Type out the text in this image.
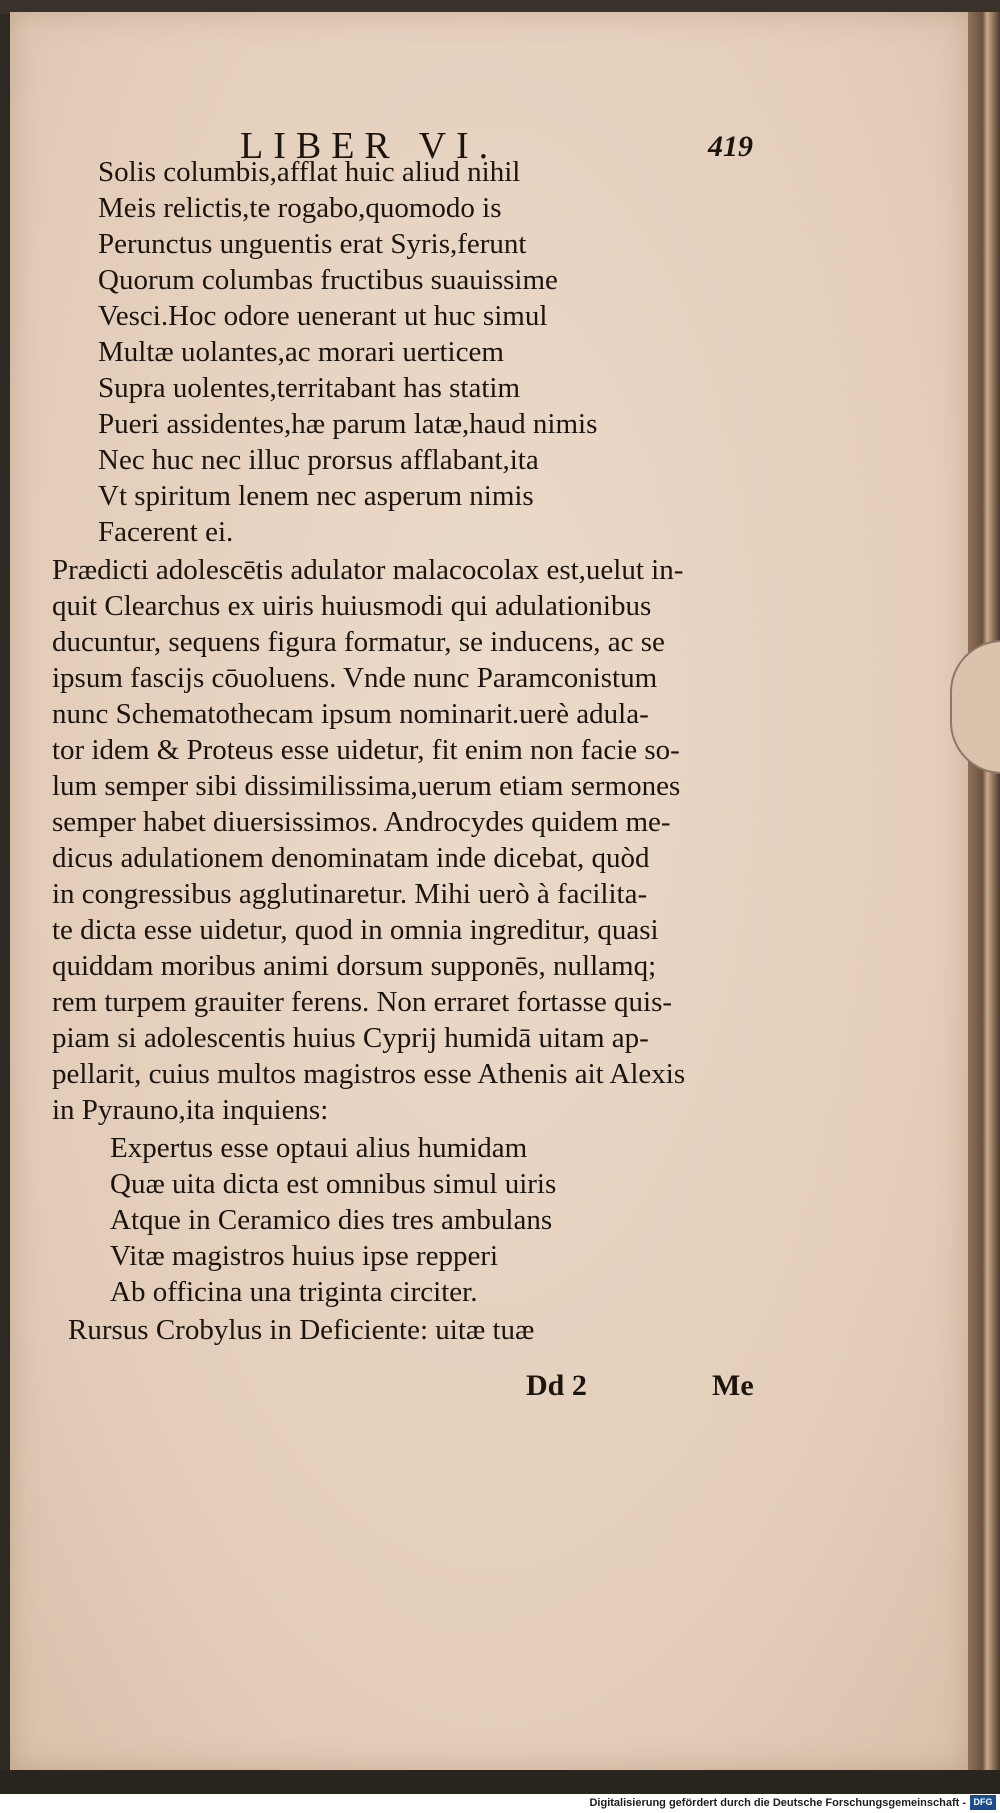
LIBER VI.	419
Solis columbis,afflat huic aliud nihil
Meis relictis,te rogabo,quomodo is
Perunctus unguentis erat Syris,ferunt
Quorum columbas fructibus suauissime
Vesci.Hoc odore uenerant ut huc simul
Multæ uolantes,ac morari uerticem
Supra uolentes,territabant has statim
Pueri assidentes,hæ parum latæ,haud nimis
Nec huc nec illuc prorsus afflabant,ita
Vt spiritum lenem nec asperum nimis
Facerent ei.
Prædicti adolescētis adulator malacocolax est,uelut in-
quit Clearchus ex uiris huiusmodi qui adulationibus
ducuntur, sequens figura formatur, se inducens, ac se
ipsum fascijs cōuoluens. Vnde nunc Paramconistum
nunc Schematothecam ipsum nominarit.uerè adula-
tor idem & Proteus esse uidetur, fit enim non facie so-
lum semper sibi dissimilissima,uerum etiam sermones
semper habet diuersissimos. Androcydes quidem me-
dicus adulationem denominatam inde dicebat, quòd
in congressibus agglutinaretur. Mihi uerò à facilita-
te dicta esse uidetur, quod in omnia ingreditur, quasi
quiddam moribus animi dorsum supponēs, nullamq;
rem turpem grauiter ferens. Non erraret fortasse quis-
piam si adolescentis huius Cyprij humidā uitam ap-
pellarit, cuius multos magistros esse Athenis ait Alexis
in Pyrauno,ita inquiens:
Expertus esse optaui alius humidam
Quæ uita dicta est omnibus simul uiris
Atque in Ceramico dies tres ambulans
Vitæ magistros huius ipse repperi
Ab officina una triginta circiter.
Rursus Crobylus in Deficiente: uitæ tuæ
Dd 2	Me
Digitalisierung gefördert durch die Deutsche Forschungsgemeinschaft - DFG
